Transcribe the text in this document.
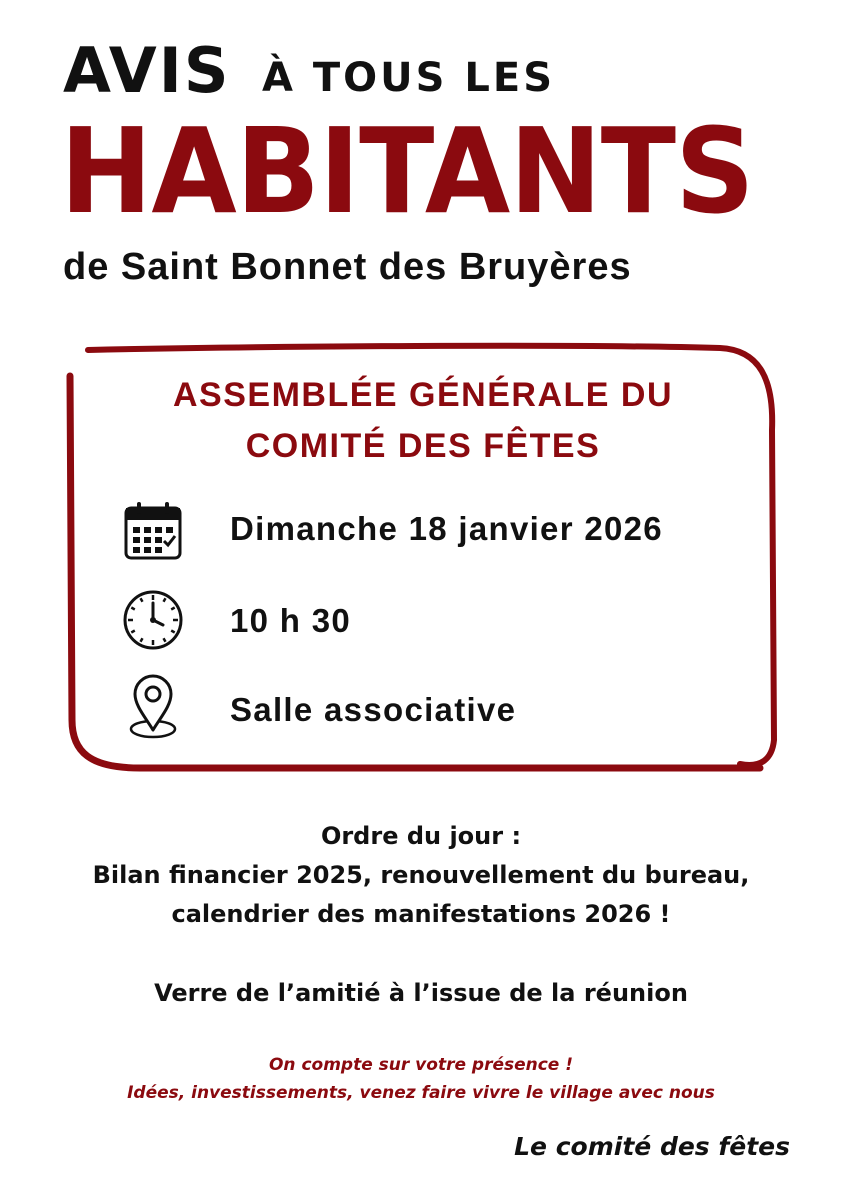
AVIS À TOUS LES
HABITANTS
de Saint Bonnet des Bruyères
ASSEMBLÉE GÉNÉRALE DU
COMITÉ DES FÊTES
Dimanche 18 janvier 2026
10 h 30
Salle associative
Ordre du jour :
Bilan financier 2025, renouvellement du bureau,
calendrier des manifestations 2026 !
Verre de l’amitié à l’issue de la réunion
On compte sur votre présence !
Idées, investissements, venez faire vivre le village avec nous
Le comité des fêtes
